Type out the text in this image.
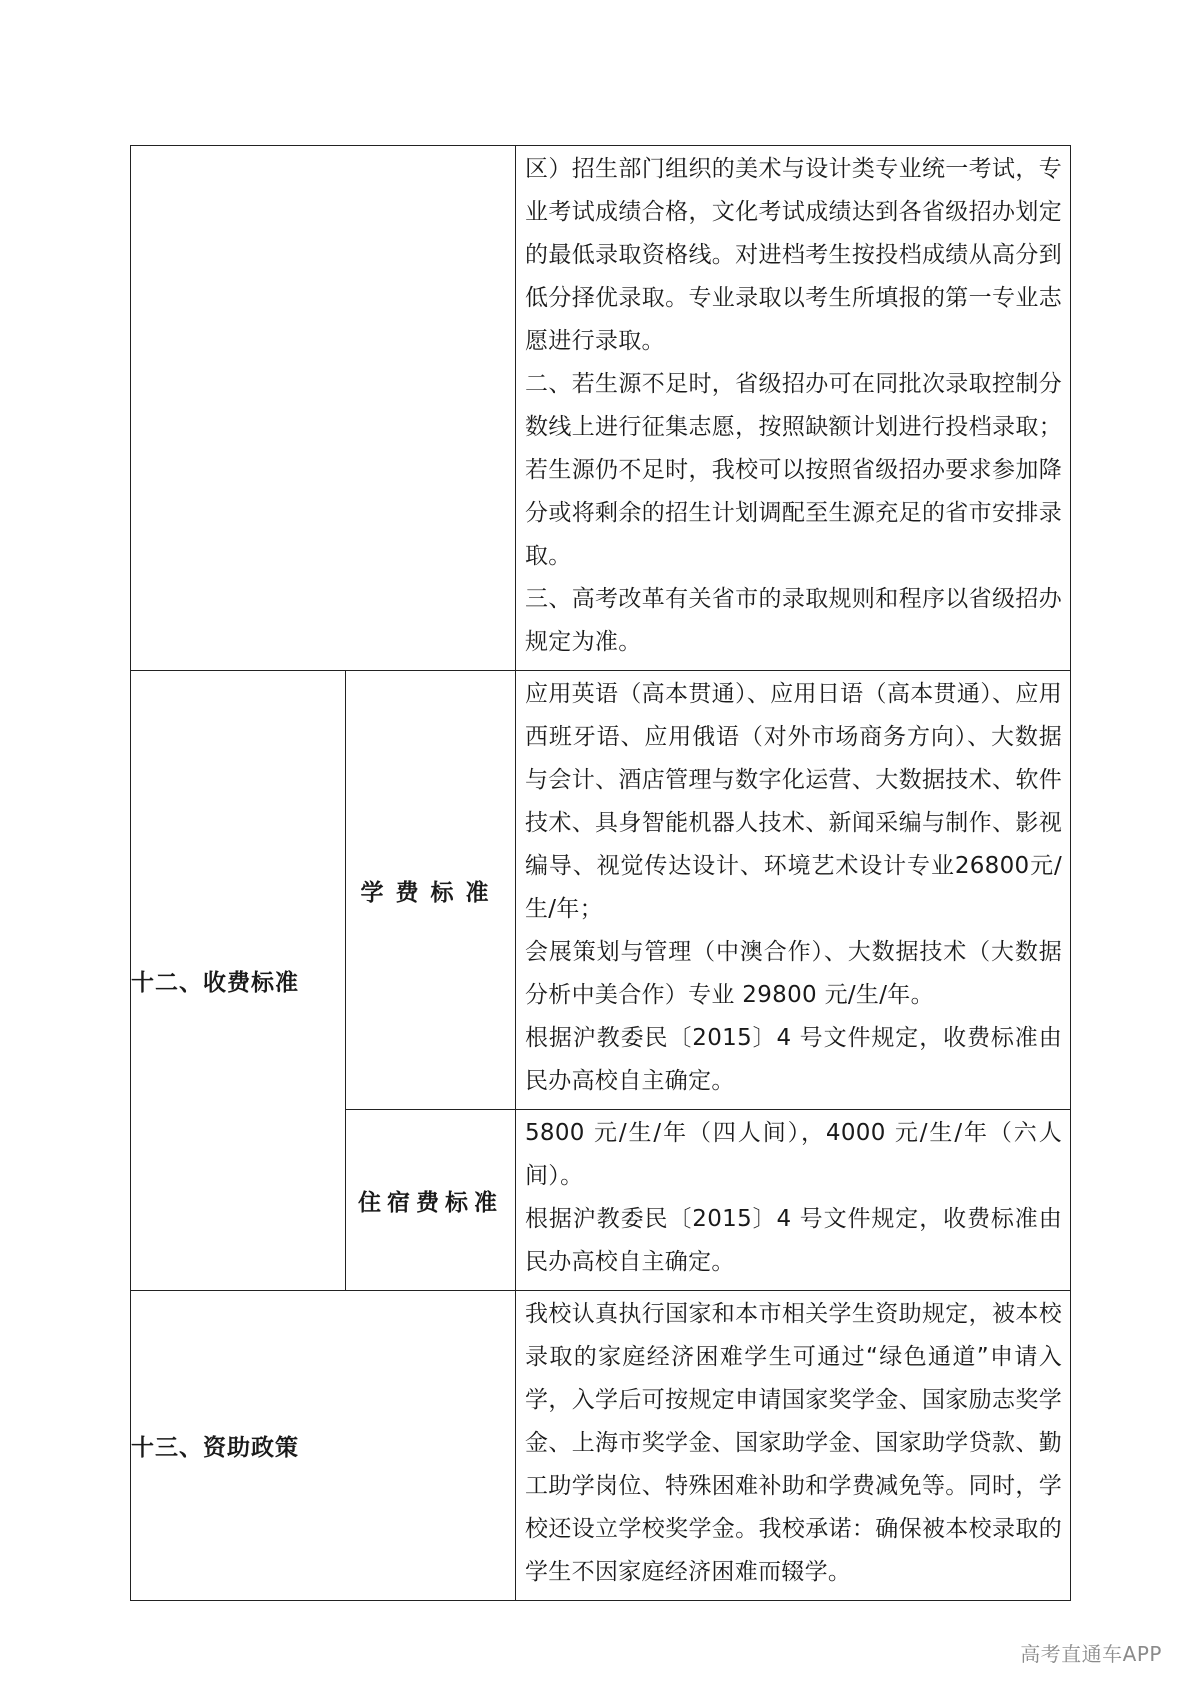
		区）招生部门组织的美术与设计类专业统一考试，专业考试成绩合格，文化考试成绩达到各省级招办划定的最低录取资格线。对进档考生按投档成绩从高分到低分择优录取。专业录取以考生所填报的第一专业志愿进行录取。

二、若生源不足时，省级招办可在同批次录取控制分数线上进行征集志愿，按照缺额计划进行投档录取；若生源仍不足时，我校可以按照省级招办要求参加降分或将剩余的招生计划调配至生源充足的省市安排录取。

三、高考改革有关省市的录取规则和程序以省级招办规定为准。

十二、收费标准	学费标准	应用英语（高本贯通）、应用日语（高本贯通）、应用西班牙语、应用俄语（对外市场商务方向）、大数据与会计、酒店管理与数字化运营、大数据技术、软件技术、具身智能机器人技术、新闻采编与制作、影视编导、视觉传达设计、环境艺术设计专业26800元/生/年；

会展策划与管理（中澳合作）、大数据技术（大数据分析中美合作）专业 29800 元/生/年。

根据沪教委民〔2015〕4 号文件规定，收费标准由民办高校自主确定。

	住宿费标准	5800 元/生/年（四人间），4000 元/生/年（六人间）。

根据沪教委民〔2015〕4 号文件规定，收费标准由民办高校自主确定。

十三、资助政策		我校认真执行国家和本市相关学生资助规定，被本校录取的家庭经济困难学生可通过“绿色通道”申请入学，入学后可按规定申请国家奖学金、国家励志奖学金、上海市奖学金、国家助学金、国家助学贷款、勤工助学岗位、特殊困难补助和学费减免等。同时，学校还设立学校奖学金。我校承诺：确保被本校录取的学生不因家庭经济困难而辍学。

高考直通车APP
